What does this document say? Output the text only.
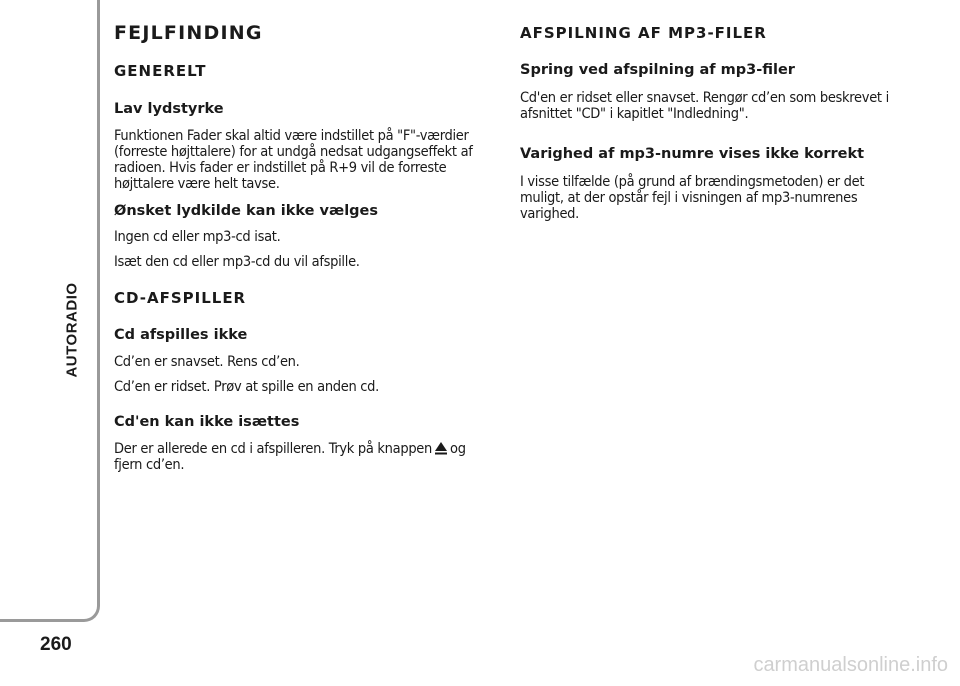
AUTORADIO
260
FEJLFINDING
GENERELT
Lav lydstyrke
Funktionen Fader skal altid være indstillet på "F"-værdier (forreste højttalere) for at undgå nedsat udgangseffekt af radioen. Hvis fader er indstillet på R+9 vil de forreste højttalere være helt tavse.
Ønsket lydkilde kan ikke vælges
Ingen cd eller mp3-cd isat.
Isæt den cd eller mp3-cd du vil afspille.
CD-AFSPILLER
Cd afspilles ikke
Cd’en er snavset. Rens cd’en.
Cd’en er ridset. Prøv at spille en anden cd.
Cd'en kan ikke isættes
Der er allerede en cd i afspilleren. Tryk på knappen og fjern cd’en.
AFSPILNING AF MP3-FILER
Spring ved afspilning af mp3-filer
Cd'en er ridset eller snavset. Rengør cd’en som beskrevet i afsnittet "CD" i kapitlet "Indledning".
Varighed af mp3-numre vises ikke korrekt
I visse tilfælde (på grund af brændingsmetoden) er det muligt, at der opstår fejl i visningen af mp3-numrenes varighed.
carmanualsonline.info
